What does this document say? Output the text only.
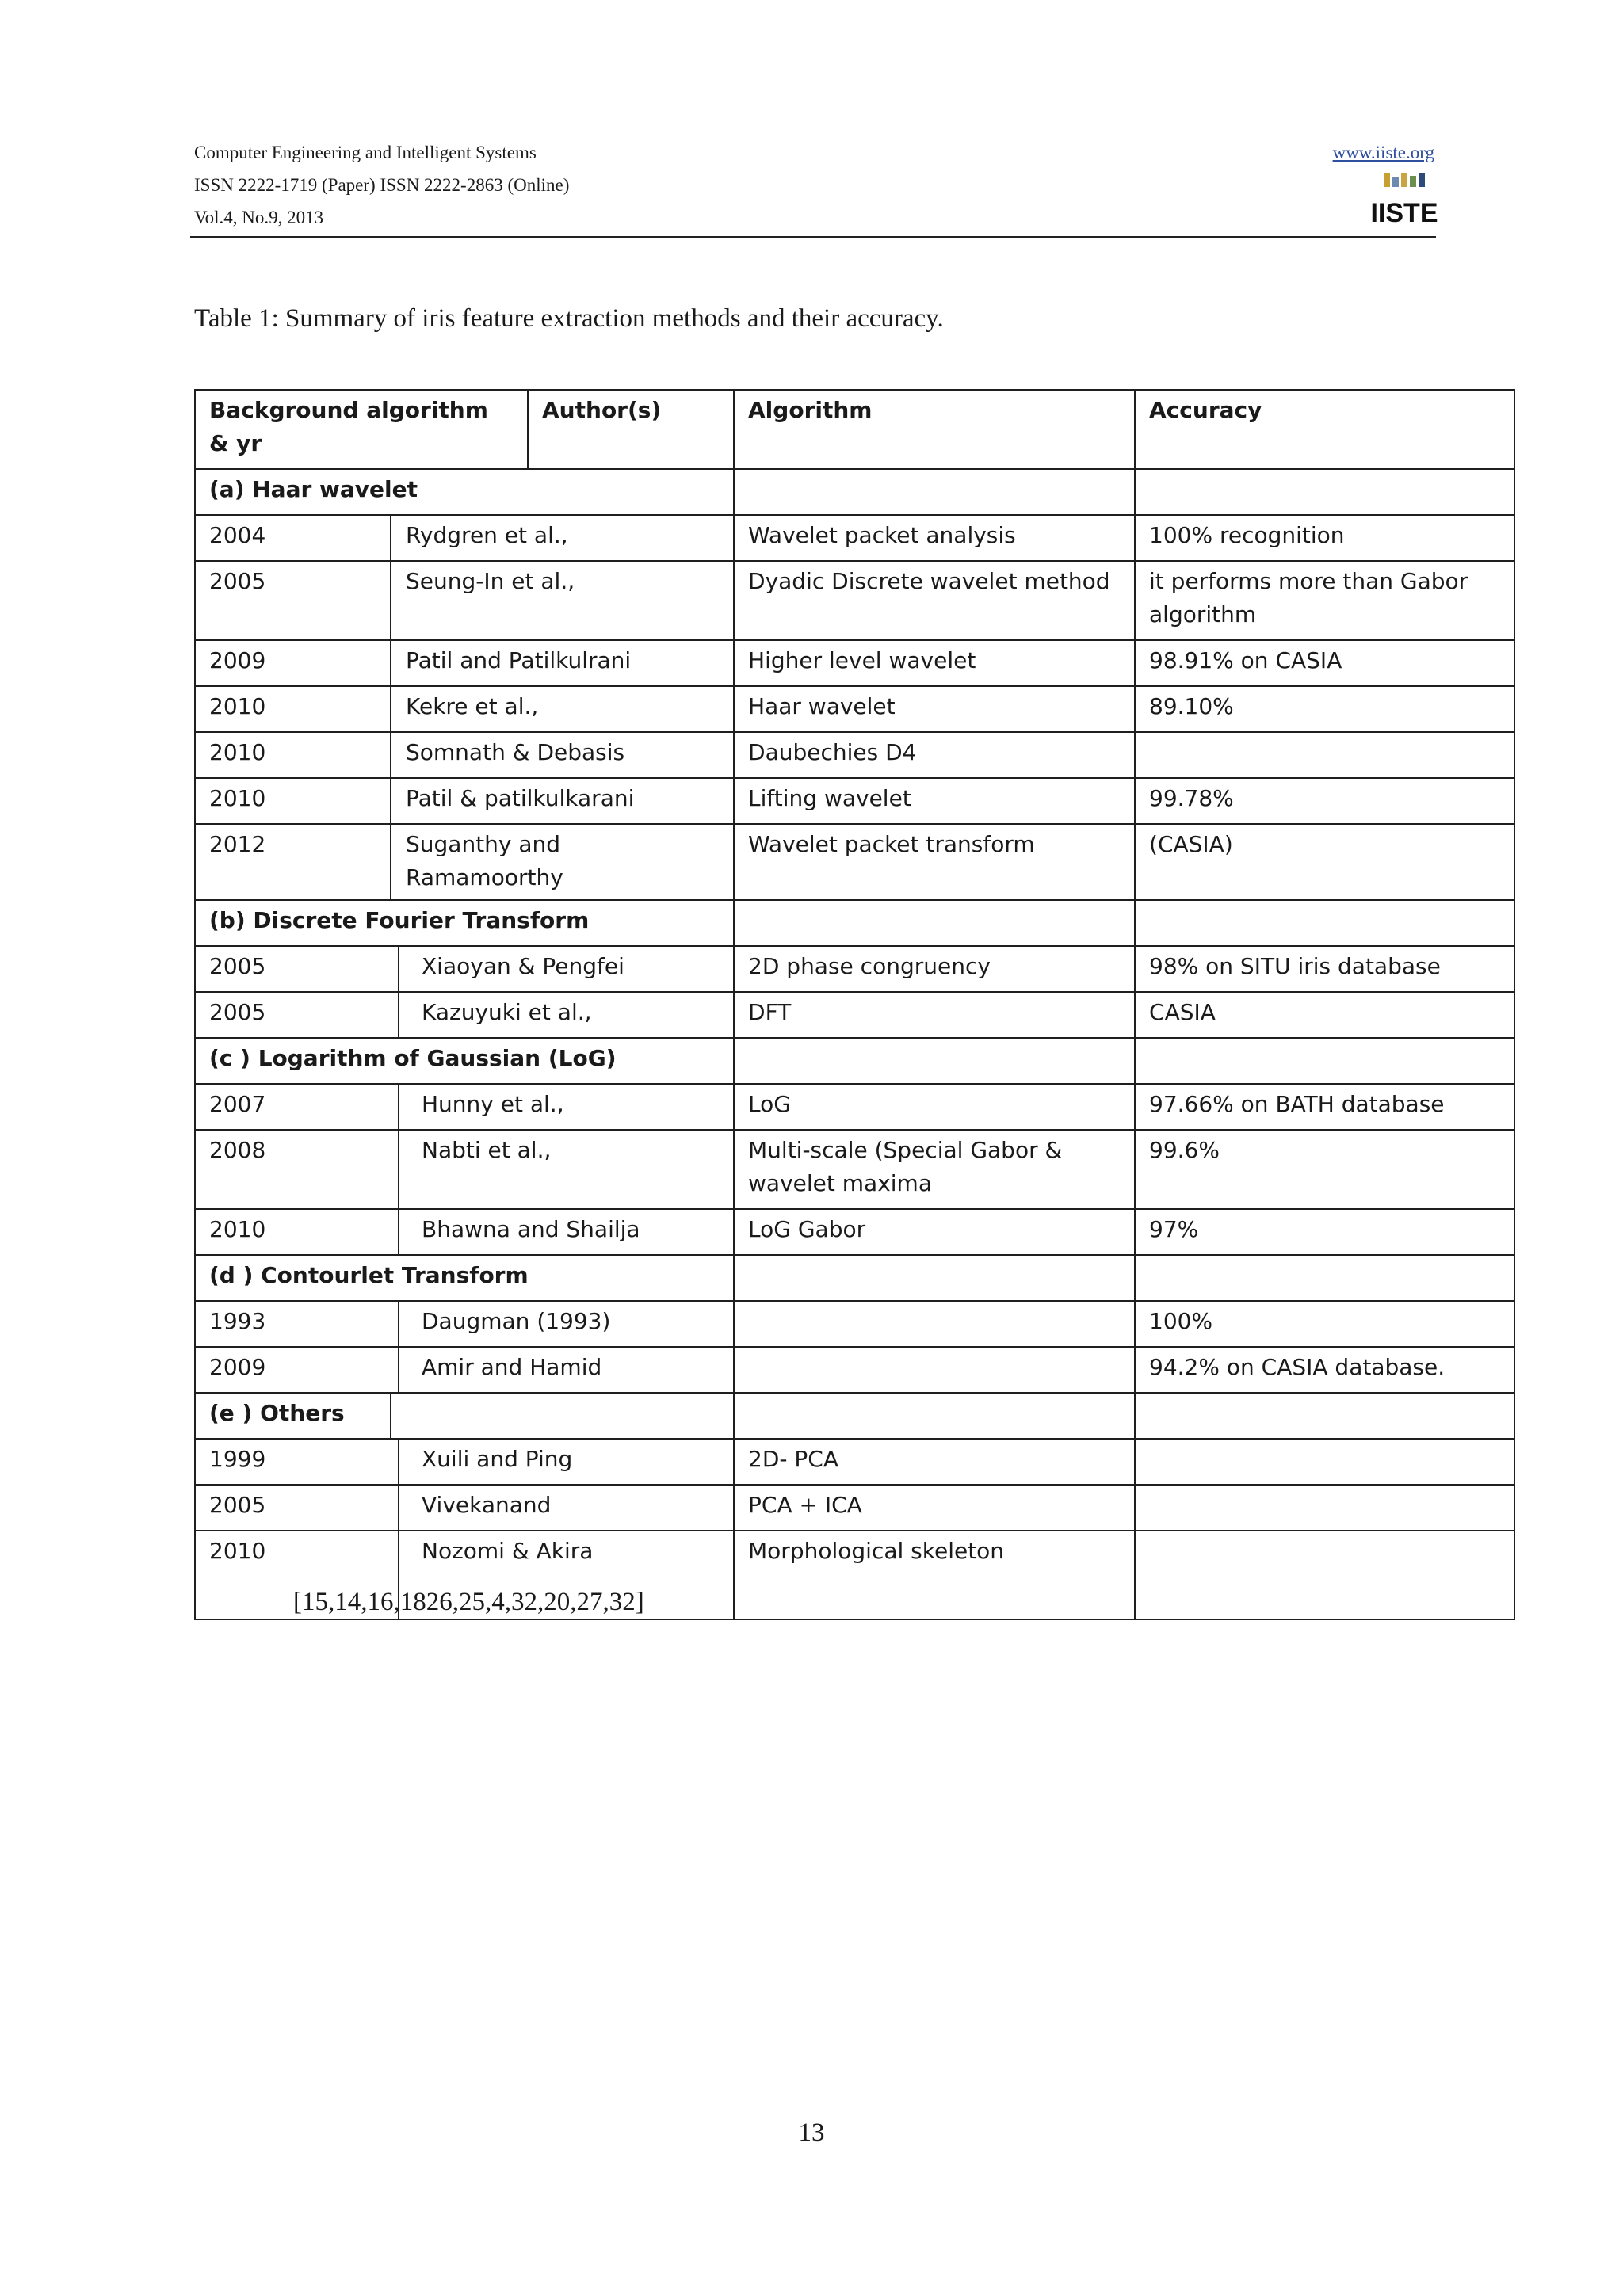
Computer Engineering and Intelligent Systems
ISSN 2222-1719 (Paper) ISSN 2222-2863 (Online)
Vol.4, No.9, 2013
www.iiste.org
IISTE
Table 1: Summary of iris feature extraction methods and their accuracy.
Background algorithm & yr			Author(s)	Algorithm	Accuracy
(a) Haar wavelet					
2004	Rydgren et al.,			Wavelet packet analysis	100% recognition
2005	Seung-In et al.,			Dyadic Discrete wavelet method	it performs more than Gabor algorithm
2009	Patil and Patilkulrani			Higher level wavelet	98.91% on CASIA
2010	Kekre et al.,			Haar wavelet	89.10%
2010	Somnath & Debasis			Daubechies D4	
2010	Patil & patilkulkarani			Lifting wavelet	99.78%
2012	Suganthy and Ramamoorthy			Wavelet packet transform	(CASIA)
(b) Discrete Fourier Transform					
2005		Xiaoyan & Pengfei		2D phase congruency	98% on SITU iris database
2005		Kazuyuki et al.,		DFT	CASIA
(c ) Logarithm of Gaussian (LoG)					
2007		Hunny et al.,		LoG	97.66% on BATH database
2008		Nabti et al.,		Multi-scale (Special Gabor & wavelet maxima	99.6%
2010		Bhawna and Shailja		LoG Gabor	97%
(d ) Contourlet Transform					
1993		Daugman (1993)			100%
2009		Amir and Hamid			94.2% on CASIA database.
(e ) Others					
1999		Xuili and Ping		2D- PCA	
2005		Vivekanand		PCA + ICA	
2010		Nozomi & Akira		Morphological skeleton	
[15,14,16,1826,25,4,32,20,27,32]
13
